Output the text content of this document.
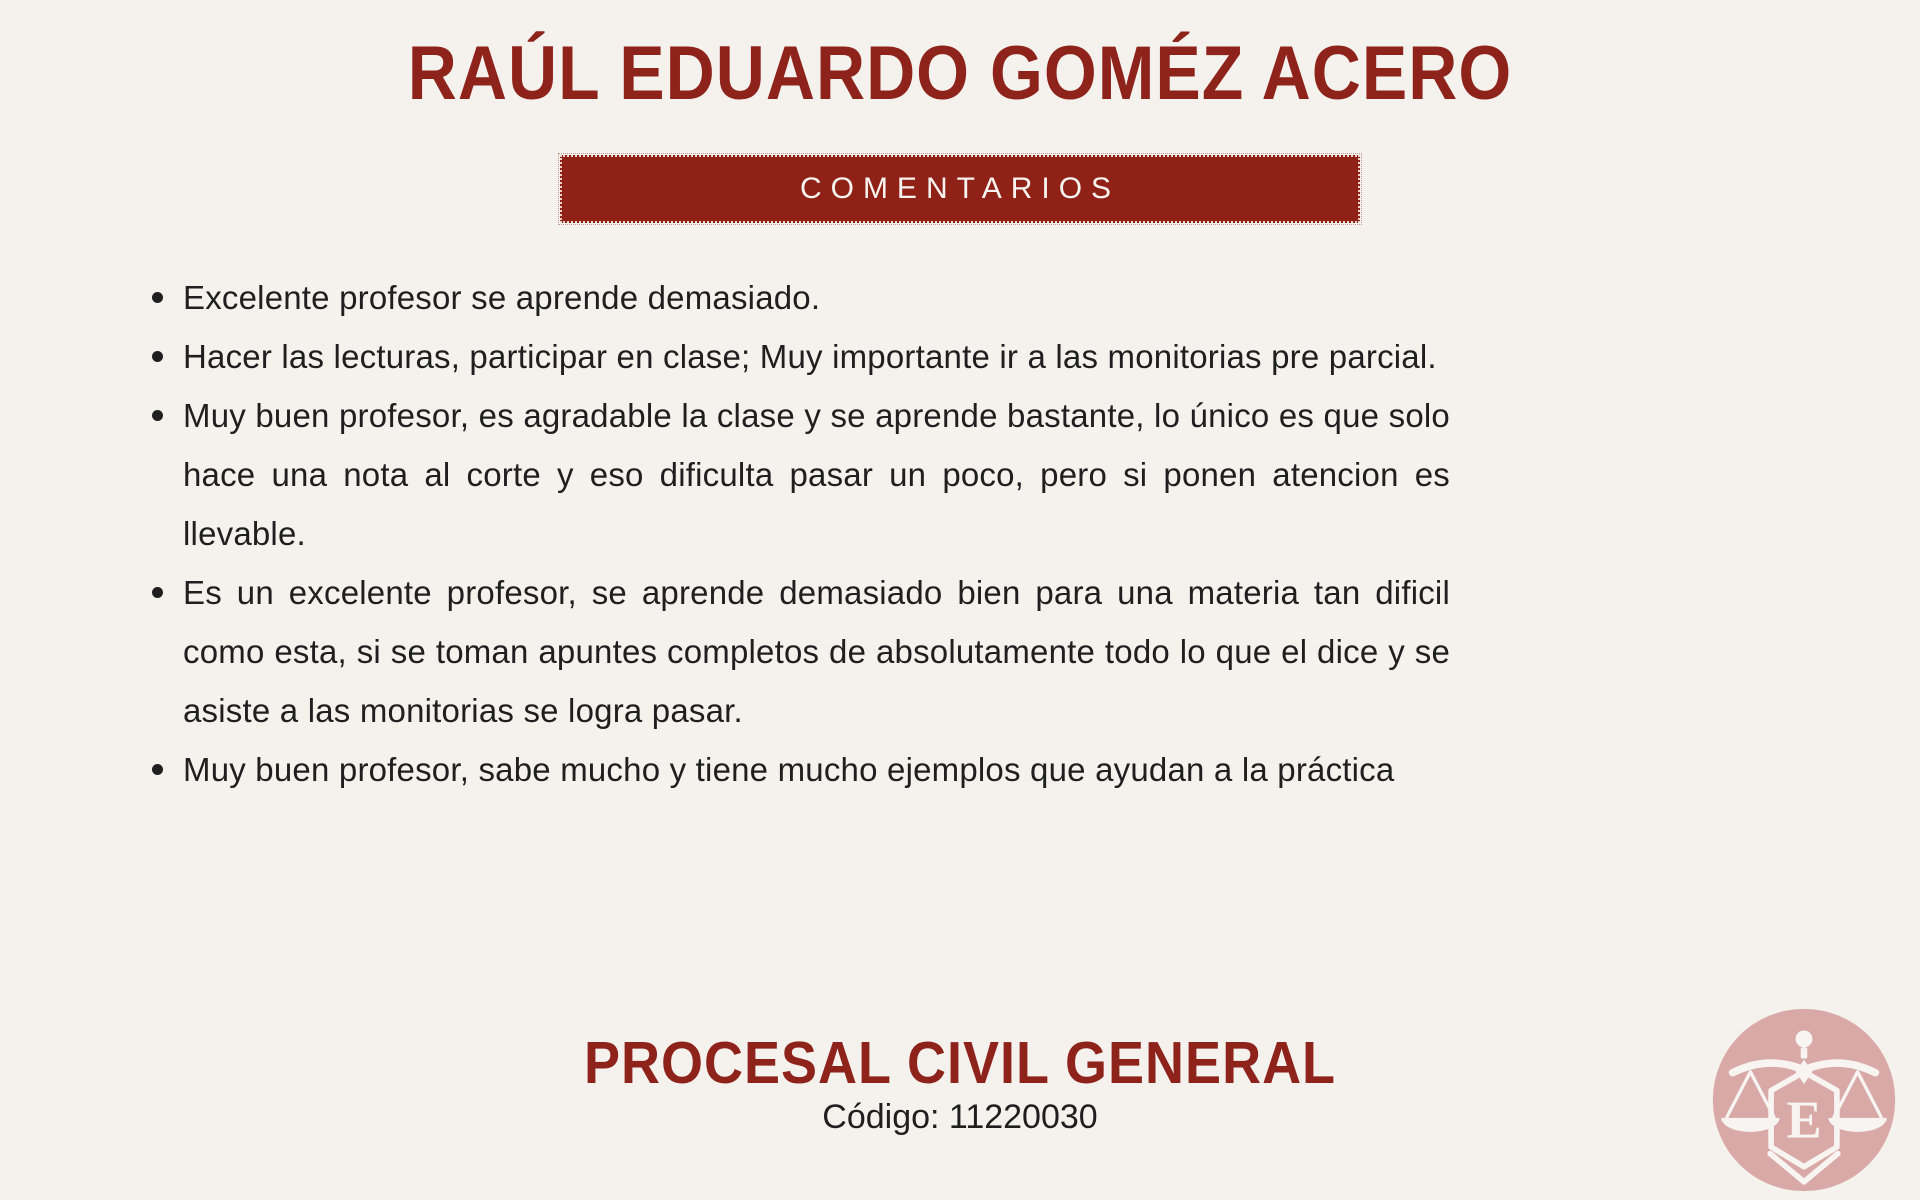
RAÚL EDUARDO GOMÉZ ACERO
COMENTARIOS
Excelente profesor se aprende demasiado.
Hacer las lecturas, participar en clase; Muy importante ir a las monitorias pre parcial.
Muy buen profesor, es agradable la clase y se aprende bastante, lo único es que solo hace una nota al corte y eso dificulta pasar un poco, pero si ponen atencion es llevable.
Es un excelente profesor, se aprende demasiado bien para una materia tan dificil como esta, si se toman apuntes completos de absolutamente todo lo que el dice y se asiste a las monitorias se logra pasar.
Muy buen profesor, sabe mucho y tiene mucho ejemplos que ayudan a la práctica
PROCESAL CIVIL GENERAL
Código: 11220030	E
